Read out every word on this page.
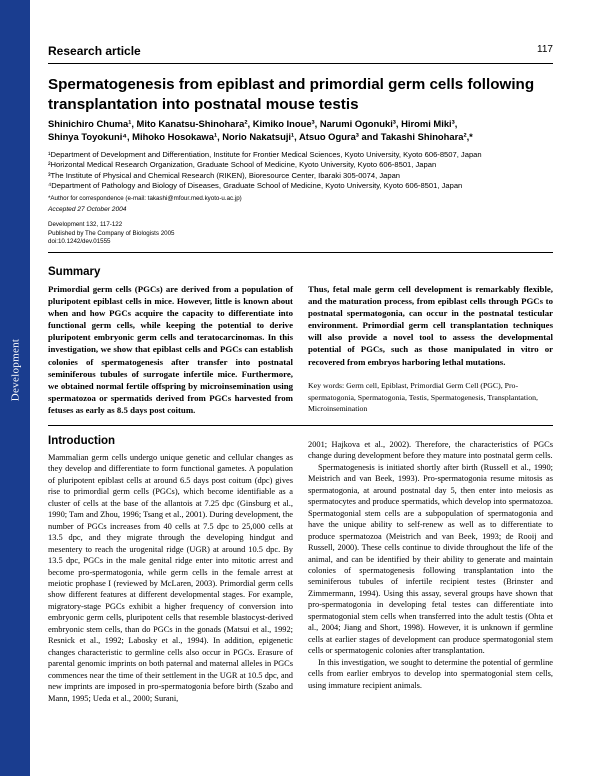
Development
Research article	117
Spermatogenesis from epiblast and primordial germ cells following transplantation into postnatal mouse testis
Shinichiro Chuma¹, Mito Kanatsu-Shinohara², Kimiko Inoue³, Narumi Ogonuki³, Hiromi Miki³,
Shinya Toyokuni⁴, Mihoko Hosokawa¹, Norio Nakatsuji¹, Atsuo Ogura³ and Takashi Shinohara²,*
¹Department of Development and Differentiation, Institute for Frontier Medical Sciences, Kyoto University, Kyoto 606-8507, Japan
²Horizontal Medical Research Organization, Graduate School of Medicine, Kyoto University, Kyoto 606-8501, Japan
³The Institute of Physical and Chemical Research (RIKEN), Bioresource Center, Ibaraki 305-0074, Japan
⁴Department of Pathology and Biology of Diseases, Graduate School of Medicine, Kyoto University, Kyoto 606-8501, Japan
*Author for correspondence (e-mail: takashi@mfour.med.kyoto-u.ac.jp)
Accepted 27 October 2004
Development 132, 117-122
Published by The Company of Biologists 2005
doi:10.1242/dev.01555
Summary
Primordial germ cells (PGCs) are derived from a population of pluripotent epiblast cells in mice. However, little is known about when and how PGCs acquire the capacity to differentiate into functional germ cells, while keeping the potential to derive pluripotent embryonic germ cells and teratocarcinomas. In this investigation, we show that epiblast cells and PGCs can establish colonies of spermatogenesis after transfer into postnatal seminiferous tubules of surrogate infertile mice. Furthermore, we obtained normal fertile offspring by microinsemination using spermatozoa or spermatids derived from PGCs harvested from fetuses as early as 8.5 days post coitum.
Thus, fetal male germ cell development is remarkably flexible, and the maturation process, from epiblast cells through PGCs to postnatal spermatogonia, can occur in the postnatal testicular environment. Primordial germ cell transplantation techniques will also provide a novel tool to assess the developmental potential of PGCs, such as those manipulated in vitro or recovered from embryos harboring lethal mutations.
Key words: Germ cell, Epiblast, Primordial Germ Cell (PGC), Pro-spermatogonia, Spermatogonia, Testis, Spermatogenesis, Transplantation, Microinsemination
Introduction

Mammalian germ cells undergo unique genetic and cellular changes as they develop and differentiate to form functional gametes. A population of pluripotent epiblast cells at around 6.5 days post coitum (dpc) gives rise to primordial germ cells (PGCs), which become identifiable as a cluster of cells at the base of the allantois at 7.25 dpc (Ginsburg et al., 1990; Tam and Zhou, 1996; Tsang et al., 2001). During development, the number of PGCs increases from 40 cells at 7.5 dpc to 25,000 cells at 13.5 dpc, and they migrate through the developing hindgut and mesentery to reach the urogenital ridge (UGR) at around 10.5 dpc. By 13.5 dpc, PGCs in the male genital ridge enter into mitotic arrest and become pro-spermatogonia, while germ cells in the female arrest at meiotic prophase I (reviewed by McLaren, 2003). Primordial germ cells show different features at different developmental stages. For example, migratory-stage PGCs exhibit a higher frequency of conversion into embryonic germ cells, pluripotent cells that resemble blastocyst-derived embryonic stem cells, than do PGCs in the gonads (Matsui et al., 1992; Resnick et al., 1992; Labosky et al., 1994). In addition, epigenetic changes characteristic to germline cells also occur in PGCs. Erasure of parental genomic imprints on both paternal and maternal alleles in PGCs commences near the time of their settlement in the UGR at 10.5 dpc, and new imprints are imposed in pro-spermatogonia before birth (Szabo and Mann, 1995; Ueda et al., 2000; Surani,

2001; Hajkova et al., 2002). Therefore, the characteristics of PGCs change during development before they mature into postnatal germ cells.

Spermatogenesis is initiated shortly after birth (Russell et al., 1990; Meistrich and van Beek, 1993). Pro-spermatogonia resume mitosis as spermatogonia, at around postnatal day 5, then enter into meiosis as spermatocytes and produce spermatids, which develop into spermatozoa. Spermatogonial stem cells are a subpopulation of spermatogonia and have the unique ability to self-renew as well as to differentiate to produce spermatozoa (Meistrich and van Beek, 1993; de Rooij and Russell, 2000). These cells continue to divide throughout the life of the animal, and can be identified by their ability to generate and maintain colonies of spermatogenesis following transplantation into the seminiferous tubules of infertile recipient testes (Brinster and Zimmermann, 1994). Using this assay, several groups have shown that pro-spermatogonia in developing fetal testes can differentiate into spermatogonial stem cells when transferred into the adult testis (Ohta et al., 2004; Jiang and Short, 1998). However, it is unknown if germline cells at earlier stages of development can produce spermatogonial stem cells or spermatogenic colonies after transplantation.

In this investigation, we sought to determine the potential of germline cells from earlier embryos to develop into spermatogonial stem cells, using immature recipient animals.
